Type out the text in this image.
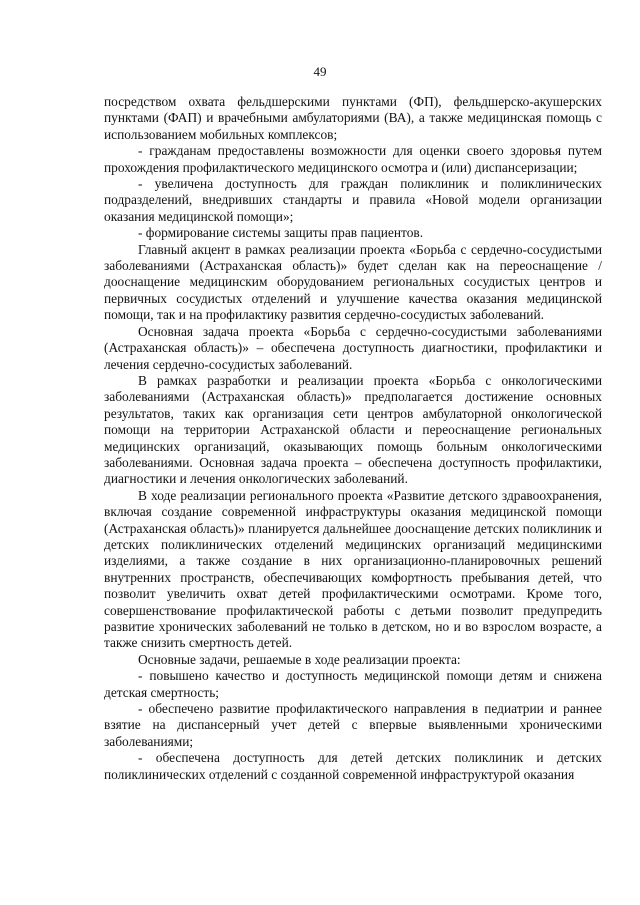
49

посредством охвата фельдшерскими пунктами (ФП), фельдшерско-акушерских пунктами (ФАП) и врачебными амбулаториями (ВА), а также медицинская помощь с использованием мобильных комплексов;

- гражданам предоставлены возможности для оценки своего здоровья путем прохождения профилактического медицинского осмотра и (или) диспансеризации;

- увеличена доступность для граждан поликлиник и поликлинических подразделений, внедривших стандарты и правила «Новой модели организации оказания медицинской помощи»;

- формирование системы защиты прав пациентов.

Главный акцент в рамках реализации проекта «Борьба с сердечно-сосудистыми заболеваниями (Астраханская область)» будет сделан как на переоснащение /дооснащение медицинским оборудованием региональных сосудистых центров и первичных сосудистых отделений и улучшение качества оказания медицинской помощи, так и на профилактику развития сердечно-сосудистых заболеваний.

Основная задача проекта «Борьба с сердечно-сосудистыми заболеваниями (Астраханская область)» – обеспечена доступность диагностики, профилактики и лечения сердечно-сосудистых заболеваний.

В рамках разработки и реализации проекта «Борьба с онкологическими заболеваниями (Астраханская область)» предполагается достижение основных результатов, таких как организация сети центров амбулаторной онкологической помощи на территории Астраханской области и переоснащение региональных медицинских организаций, оказывающих помощь больным онкологическими заболеваниями. Основная задача проекта – обеспечена доступность профилактики, диагностики и лечения онкологических заболеваний.

В ходе реализации регионального проекта «Развитие детского здравоохранения, включая создание современной инфраструктуры оказания медицинской помощи (Астраханская область)» планируется дальнейшее дооснащение детских поликлиник и детских поликлинических отделений медицинских организаций медицинскими изделиями, а также создание в них организационно-планировочных решений внутренних пространств, обеспечивающих комфортность пребывания детей, что позволит увеличить охват детей профилактическими осмотрами. Кроме того, совершенствование профилактической работы с детьми позволит предупредить развитие хронических заболеваний не только в детском, но и во взрослом возрасте, а также снизить смертность детей.

Основные задачи, решаемые в ходе реализации проекта:

- повышено качество и доступность медицинской помощи детям и снижена детская смертность;

- обеспечено развитие профилактического направления в педиатрии и раннее взятие на диспансерный учет детей с впервые выявленными хроническими заболеваниями;

- обеспечена доступность для детей детских поликлиник и детских поликлинических отделений с созданной современной инфраструктурой оказания
